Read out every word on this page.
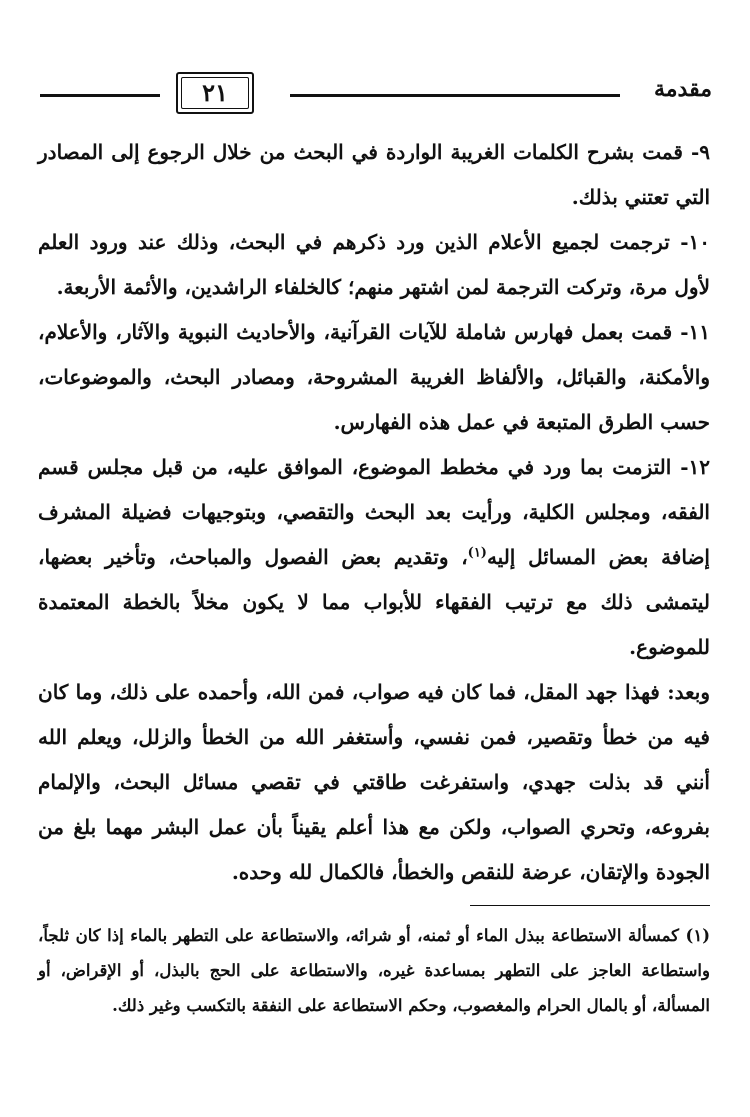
مقدمة
٢١

٩- قمت بشرح الكلمات الغريبة الواردة في البحث من خلال الرجوع إلى المصادر التي تعتني بذلك.

١٠- ترجمت لجميع الأعلام الذين ورد ذكرهم في البحث، وذلك عند ورود العلم لأول مرة، وتركت الترجمة لمن اشتهر منهم؛ كالخلفاء الراشدين، والأئمة الأربعة.

١١- قمت بعمل فهارس شاملة للآيات القرآنية، والأحاديث النبوية والآثار، والأعلام، والأمكنة، والقبائل، والألفاظ الغريبة المشروحة، ومصادر البحث، والموضوعات، حسب الطرق المتبعة في عمل هذه الفهارس.

١٢- التزمت بما ورد في مخطط الموضوع، الموافق عليه، من قبل مجلس قسم الفقه، ومجلس الكلية، ورأيت بعد البحث والتقصي، وبتوجيهات فضيلة المشرف إضافة بعض المسائل إليه$^{(١)}$، وتقديم بعض الفصول والمباحث، وتأخير بعضها، ليتمشى ذلك مع ترتيب الفقهاء للأبواب مما لا يكون مخلاً بالخطة المعتمدة للموضوع.

وبعد: فهذا جهد المقل، فما كان فيه صواب، فمن الله، وأحمده على ذلك، وما كان فيه من خطأ وتقصير، فمن نفسي، وأستغفر الله من الخطأ والزلل، ويعلم الله أنني قد بذلت جهدي، واستفرغت طاقتي في تقصي مسائل البحث، والإلمام بفروعه، وتحري الصواب، ولكن مع هذا أعلم يقيناً بأن عمل البشر مهما بلغ من الجودة والإتقان، عرضة للنقص والخطأ، فالكمال لله وحده.

(١) كمسألة الاستطاعة ببذل الماء أو ثمنه، أو شرائه، والاستطاعة على التطهر بالماء إذا كان ثلجاً، واستطاعة العاجز على التطهر بمساعدة غيره، والاستطاعة على الحج بالبذل، أو الإقراض، أو المسألة، أو بالمال الحرام والمغصوب، وحكم الاستطاعة على النفقة بالتكسب وغير ذلك.
